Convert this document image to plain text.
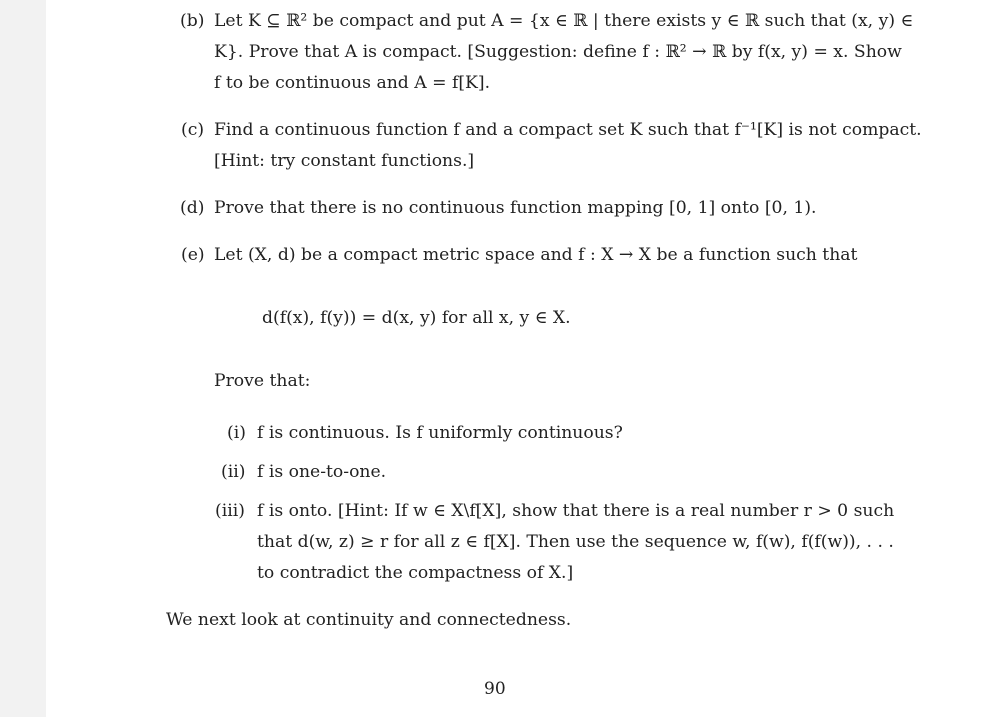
(b) Let K ⊆ ℝ² be compact and put A = {x ∈ ℝ | there exists y ∈ ℝ such that (x, y) ∈
K}. Prove that A is compact. [Suggestion: define f : ℝ² → ℝ by f(x, y) = x. Show
f to be continuous and A = f[K].
(c) Find a continuous function f and a compact set K such that f⁻¹[K] is not compact.
[Hint: try constant functions.]
(d) Prove that there is no continuous function mapping [0, 1] onto [0, 1).
(e) Let (X, d) be a compact metric space and f : X → X be a function such that
d(f(x), f(y)) = d(x, y) for all x, y ∈ X.
Prove that:
(i) f is continuous. Is f uniformly continuous?
(ii) f is one-to-one.
(iii) f is onto. [Hint: If w ∈ X\f[X], show that there is a real number r > 0 such
that d(w, z) ≥ r for all z ∈ f[X]. Then use the sequence w, f(w), f(f(w)), . . .
to contradict the compactness of X.]
We next look at continuity and connectedness.
90
